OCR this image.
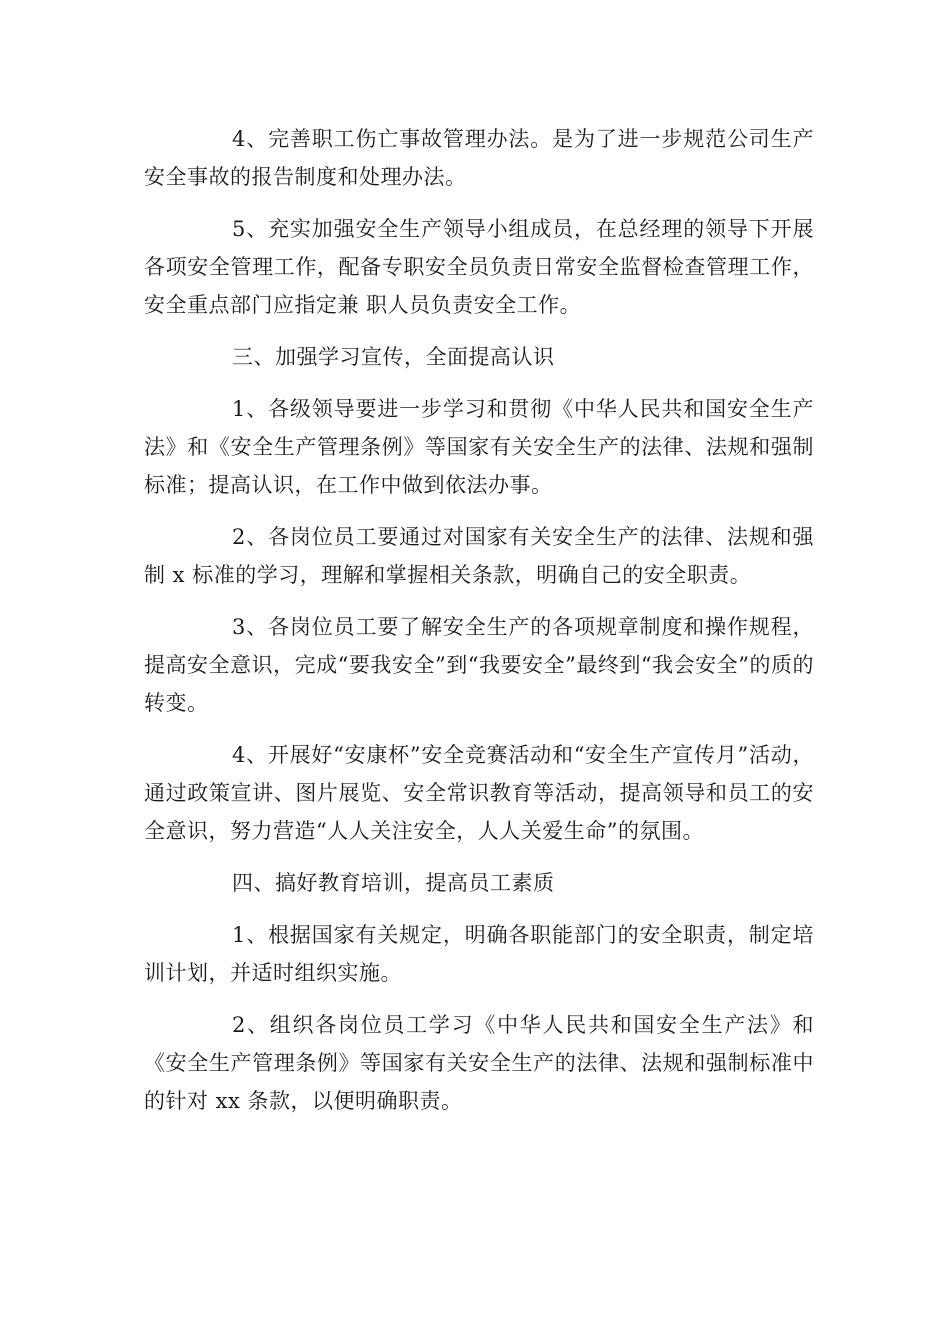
4、完善职工伤亡事故管理办法。是为了进一步规范公司生产安全事故的报告制度和处理办法。

5、充实加强安全生产领导小组成员，在总经理的领导下开展各项安全管理工作，配备专职安全员负责日常安全监督检查管理工作，安全重点部门应指定兼 职人员负责安全工作。

三、加强学习宣传，全面提高认识

1、各级领导要进一步学习和贯彻《中华人民共和国安全生产法》和《安全生产管理条例》等国家有关安全生产的法律、法规和强制标准；提高认识，在工作中做到依法办事。

2、各岗位员工要通过对国家有关安全生产的法律、法规和强制 x 标准的学习，理解和掌握相关条款，明确自己的安全职责。

3、各岗位员工要了解安全生产的各项规章制度和操作规程，提高安全意识，完成“要我安全”到“我要安全”最终到“我会安全”的质的转变。

4、开展好“安康杯”安全竞赛活动和“安全生产宣传月”活动，通过政策宣讲、图片展览、安全常识教育等活动，提高领导和员工的安全意识，努力营造“人人关注安全，人人关爱生命”的氛围。

四、搞好教育培训，提高员工素质

1、根据国家有关规定，明确各职能部门的安全职责，制定培训计划，并适时组织实施。

2、组织各岗位员工学习《中华人民共和国安全生产法》和《安全生产管理条例》等国家有关安全生产的法律、法规和强制标准中的针对 xx 条款，以便明确职责。
